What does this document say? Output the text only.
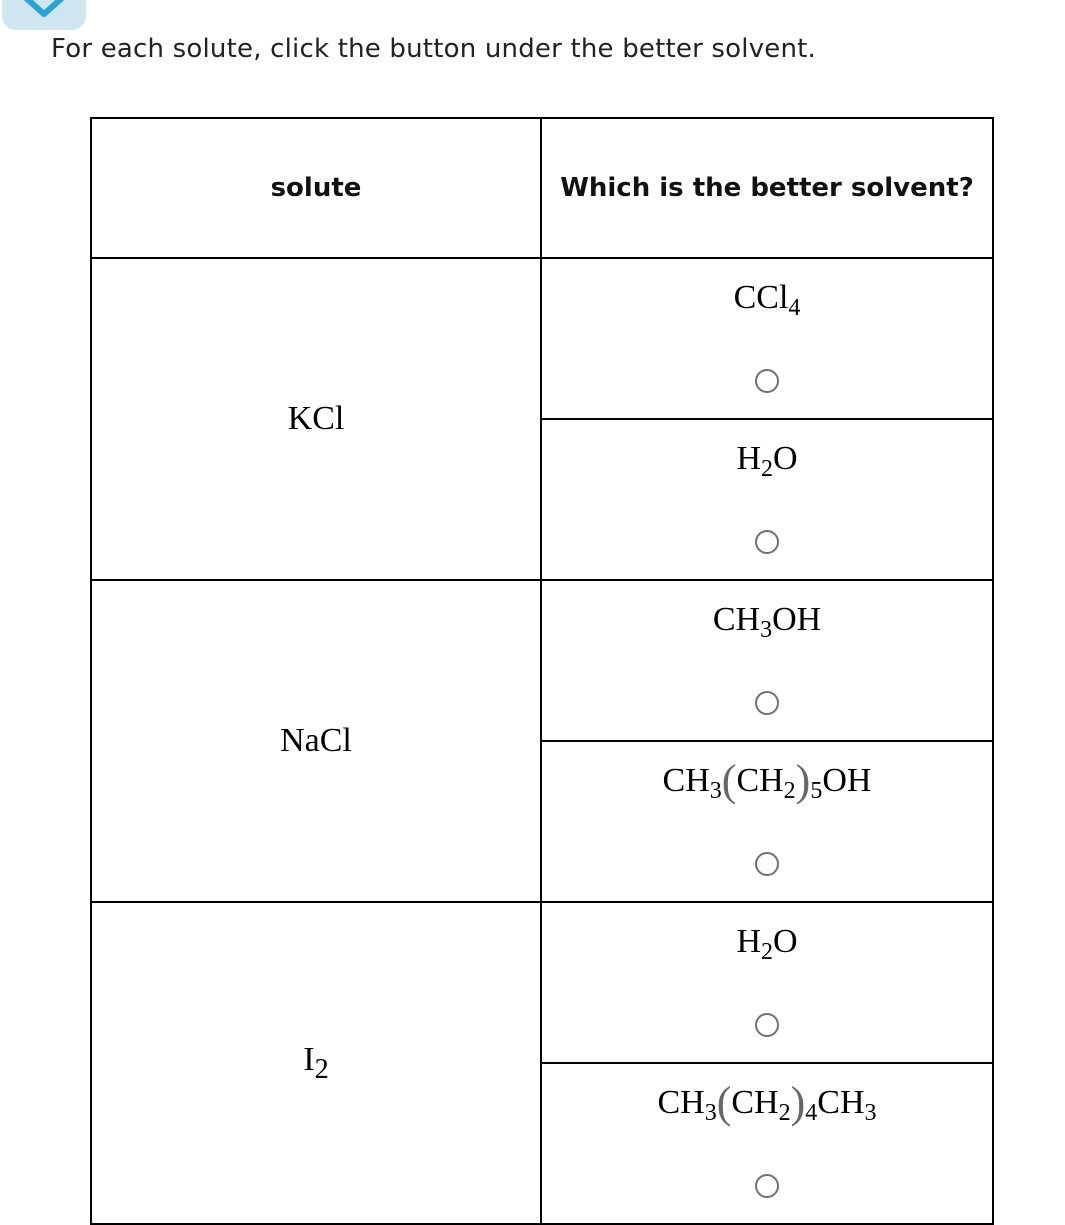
For each solute, click the button under the better solvent.
solute	Which is the better solvent?
KCl	CCl$_4$

	$H_2O$

NaCl	$CH_3OH$

	$CH_3(CH_2)_5OH$

$I_2$	$H_2O$

	$CH_3(CH_2)_4CH_3$
